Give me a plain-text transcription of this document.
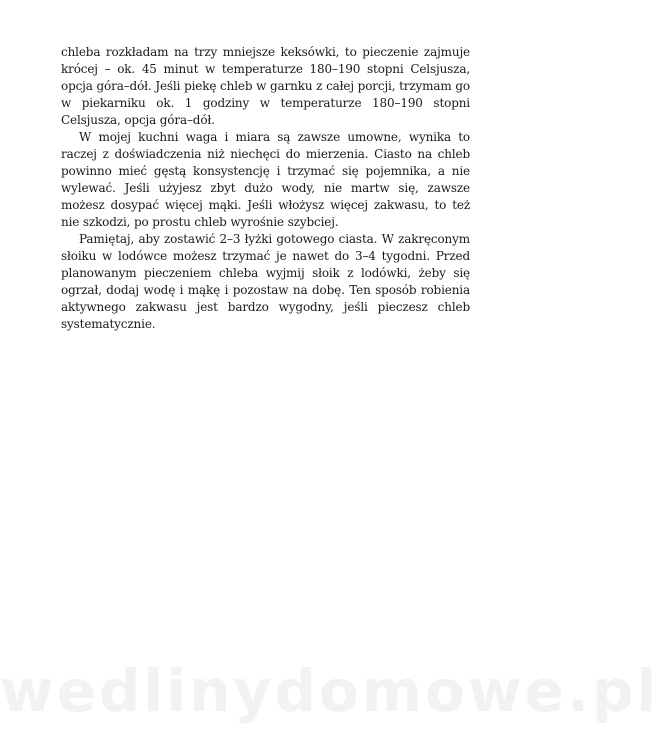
chleba rozkładam na trzy mniejsze keksówki, to pieczenie zajmuje krócej – ok. 45 minut w temperaturze 180–190 stopni Celsjusza, opcja góra–dół. Jeśli piekę chleb w garnku z całej porcji, trzymam go w piekarniku ok. 1 godziny w temperaturze 180–190 stopni Celsjusza, opcja góra–dół.

W mojej kuchni waga i miara są zawsze umowne, wynika to raczej z doświadczenia niż niechęci do mierzenia. Ciasto na chleb powinno mieć gęstą konsystencję i trzymać się pojemnika, a nie wylewać. Jeśli użyjesz zbyt dużo wody, nie martw się, zawsze możesz dosypać więcej mąki. Jeśli włożysz więcej zakwasu, to też nie szkodzi, po prostu chleb wyrośnie szybciej.

Pamiętaj, aby zostawić 2–3 łyżki gotowego ciasta. W zakręconym słoiku w lodówce możesz trzymać je nawet do 3–4 tygodni. Przed planowanym pieczeniem chleba wyjmij słoik z lodówki, żeby się ogrzał, dodaj wodę i mąkę i pozostaw na dobę. Ten sposób robienia aktywnego zakwasu jest bardzo wygodny, jeśli pieczesz chleb systematycznie.

wedlinydomowe.pl
